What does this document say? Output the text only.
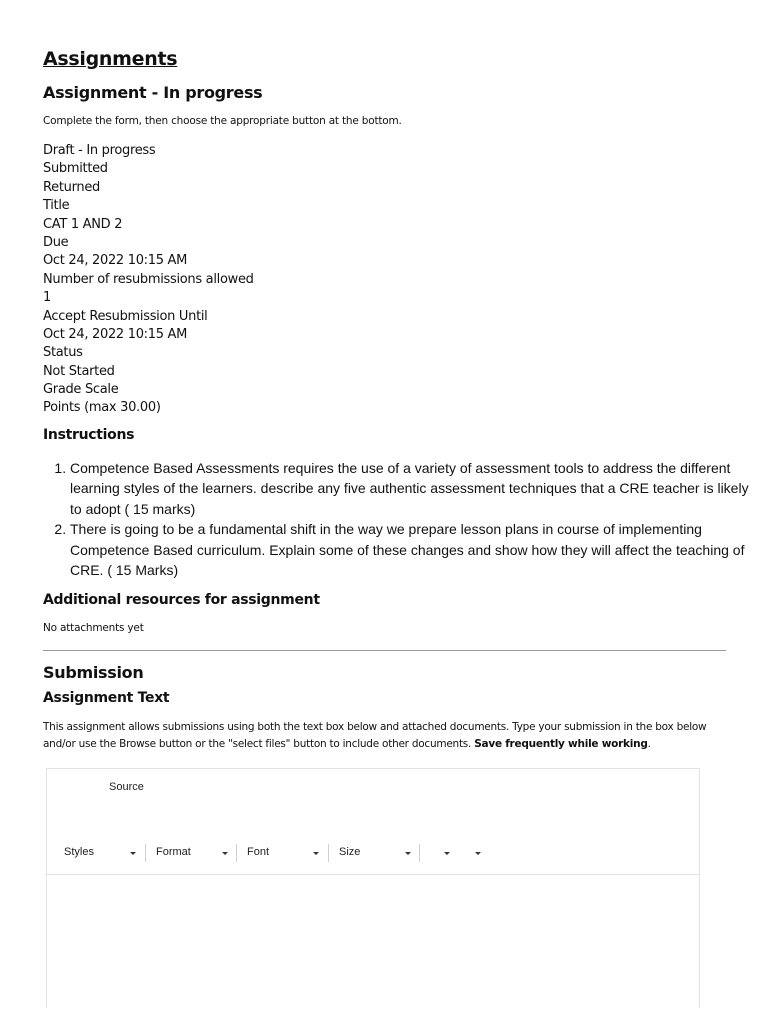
Assignments
Assignment - In progress

Complete the form, then choose the appropriate button at the bottom.

Draft - In progress
Submitted
Returned
Title
CAT 1 AND 2
Due
Oct 24, 2022 10:15 AM
Number of resubmissions allowed
1
Accept Resubmission Until
Oct 24, 2022 10:15 AM
Status
Not Started
Grade Scale
Points (max 30.00)
Instructions
1. Competence Based Assessments requires the use of a variety of assessment tools to address the different learning styles of the learners. describe any five authentic assessment techniques that a CRE teacher is likely to adopt ( 15 marks)
2. There is going to be a fundamental shift in the way we prepare lesson plans in course of implementing Competence Based curriculum. Explain some of these changes and show how they will affect the teaching of CRE. ( 15 Marks)
Additional resources for assignment

No attachments yet

Submission
Assignment Text

This assignment allows submissions using both the text box below and attached documents. Type your submission in the box below and/or use the Browse button or the "select files" button to include other documents. Save frequently while working.

Source
Styles	Format	Font	Size
